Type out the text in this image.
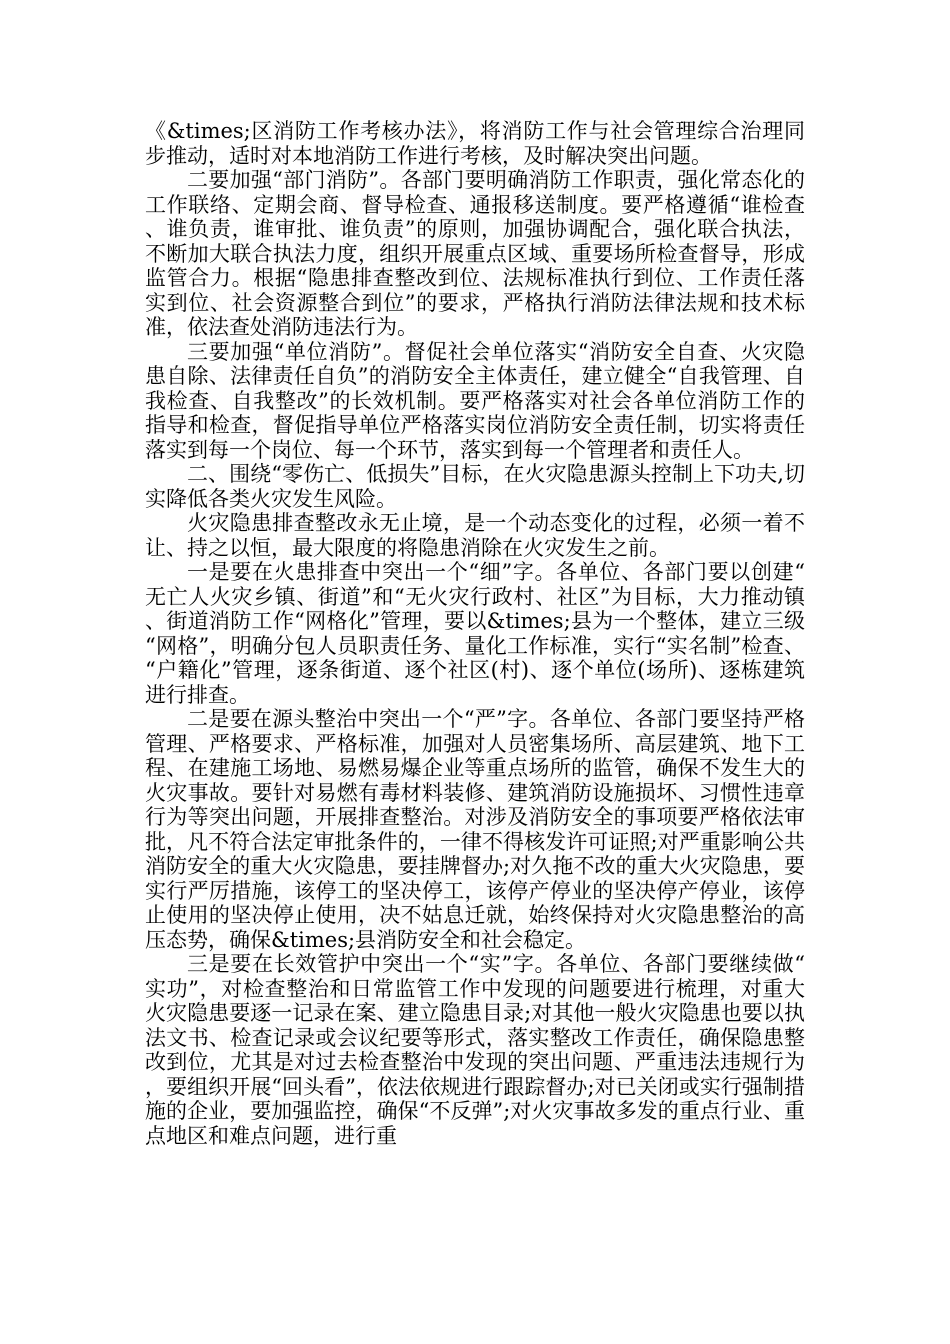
《&times;区消防工作考核办法》，将消防工作与社会管理综合治理同步推动，适时对本地消防工作进行考核，及时解决突出问题。

二要加强“部门消防”。各部门要明确消防工作职责，强化常态化的工作联络、定期会商、督导检查、通报移送制度。要严格遵循“谁检查、谁负责，谁审批、谁负责”的原则，加强协调配合，强化联合执法，不断加大联合执法力度，组织开展重点区域、重要场所检查督导，形成监管合力。根据“隐患排查整改到位、法规标准执行到位、工作责任落实到位、社会资源整合到位”的要求，严格执行消防法律法规和技术标准，依法查处消防违法行为。

三要加强“单位消防”。督促社会单位落实“消防安全自查、火灾隐患自除、法律责任自负”的消防安全主体责任，建立健全“自我管理、自我检查、自我整改”的长效机制。要严格落实对社会各单位消防工作的指导和检查，督促指导单位严格落实岗位消防安全责任制，切实将责任落实到每一个岗位、每一个环节，落实到每一个管理者和责任人。

二、围绕“零伤亡、低损失”目标，在火灾隐患源头控制上下功夫,切实降低各类火灾发生风险。

火灾隐患排查整改永无止境，是一个动态变化的过程，必须一着不让、持之以恒，最大限度的将隐患消除在火灾发生之前。

一是要在火患排查中突出一个“细”字。各单位、各部门要以创建“无亡人火灾乡镇、街道”和“无火灾行政村、社区”为目标，大力推动镇、街道消防工作“网格化”管理，要以&times;县为一个整体，建立三级“网格”，明确分包人员职责任务、量化工作标准，实行“实名制”检查、“户籍化”管理，逐条街道、逐个社区(村)、逐个单位(场所)、逐栋建筑进行排查。

二是要在源头整治中突出一个“严”字。各单位、各部门要坚持严格管理、严格要求、严格标准，加强对人员密集场所、高层建筑、地下工程、在建施工场地、易燃易爆企业等重点场所的监管，确保不发生大的火灾事故。要针对易燃有毒材料装修、建筑消防设施损坏、习惯性违章行为等突出问题，开展排查整治。对涉及消防安全的事项要严格依法审批，凡不符合法定审批条件的，一律不得核发许可证照;对严重影响公共消防安全的重大火灾隐患，要挂牌督办;对久拖不改的重大火灾隐患，要实行严厉措施，该停工的坚决停工，该停产停业的坚决停产停业，该停止使用的坚决停止使用，决不姑息迁就，始终保持对火灾隐患整治的高压态势，确保&times;县消防安全和社会稳定。

三是要在长效管护中突出一个“实”字。各单位、各部门要继续做“实功”，对检查整治和日常监管工作中发现的问题要进行梳理，对重大火灾隐患要逐一记录在案、建立隐患目录;对其他一般火灾隐患也要以执法文书、检查记录或会议纪要等形式，落实整改工作责任，确保隐患整改到位，尤其是对过去检查整治中发现的突出问题、严重违法违规行为，要组织开展“回头看”，依法依规进行跟踪督办;对已关闭或实行强制措施的企业，要加强监控，确保“不反弹”;对火灾事故多发的重点行业、重点地区和难点问题，进行重
